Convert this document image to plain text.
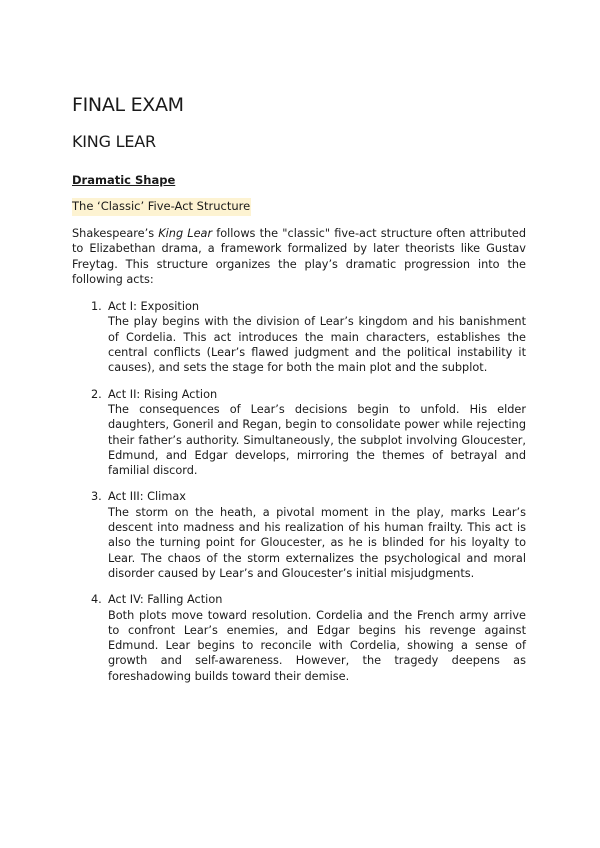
FINAL EXAM
KING LEAR
Dramatic Shape
The ‘Classic’ Five-Act Structure

Shakespeare’s King Lear follows the "classic" five-act structure often attributed to Elizabethan drama, a framework formalized by later theorists like Gustav Freytag. This structure organizes the play’s dramatic progression into the following acts:

1. Act I: Exposition
The play begins with the division of Lear’s kingdom and his banishment of Cordelia. This act introduces the main characters, establishes the central conflicts (Lear’s flawed judgment and the political instability it causes), and sets the stage for both the main plot and the subplot.
2. Act II: Rising Action
The consequences of Lear’s decisions begin to unfold. His elder daughters, Goneril and Regan, begin to consolidate power while rejecting their father’s authority. Simultaneously, the subplot involving Gloucester, Edmund, and Edgar develops, mirroring the themes of betrayal and familial discord.
3. Act III: Climax
The storm on the heath, a pivotal moment in the play, marks Lear’s descent into madness and his realization of his human frailty. This act is also the turning point for Gloucester, as he is blinded for his loyalty to Lear. The chaos of the storm externalizes the psychological and moral disorder caused by Lear’s and Gloucester’s initial misjudgments.
4. Act IV: Falling Action
Both plots move toward resolution. Cordelia and the French army arrive to confront Lear’s enemies, and Edgar begins his revenge against Edmund. Lear begins to reconcile with Cordelia, showing a sense of growth and self-awareness. However, the tragedy deepens as foreshadowing builds toward their demise.
